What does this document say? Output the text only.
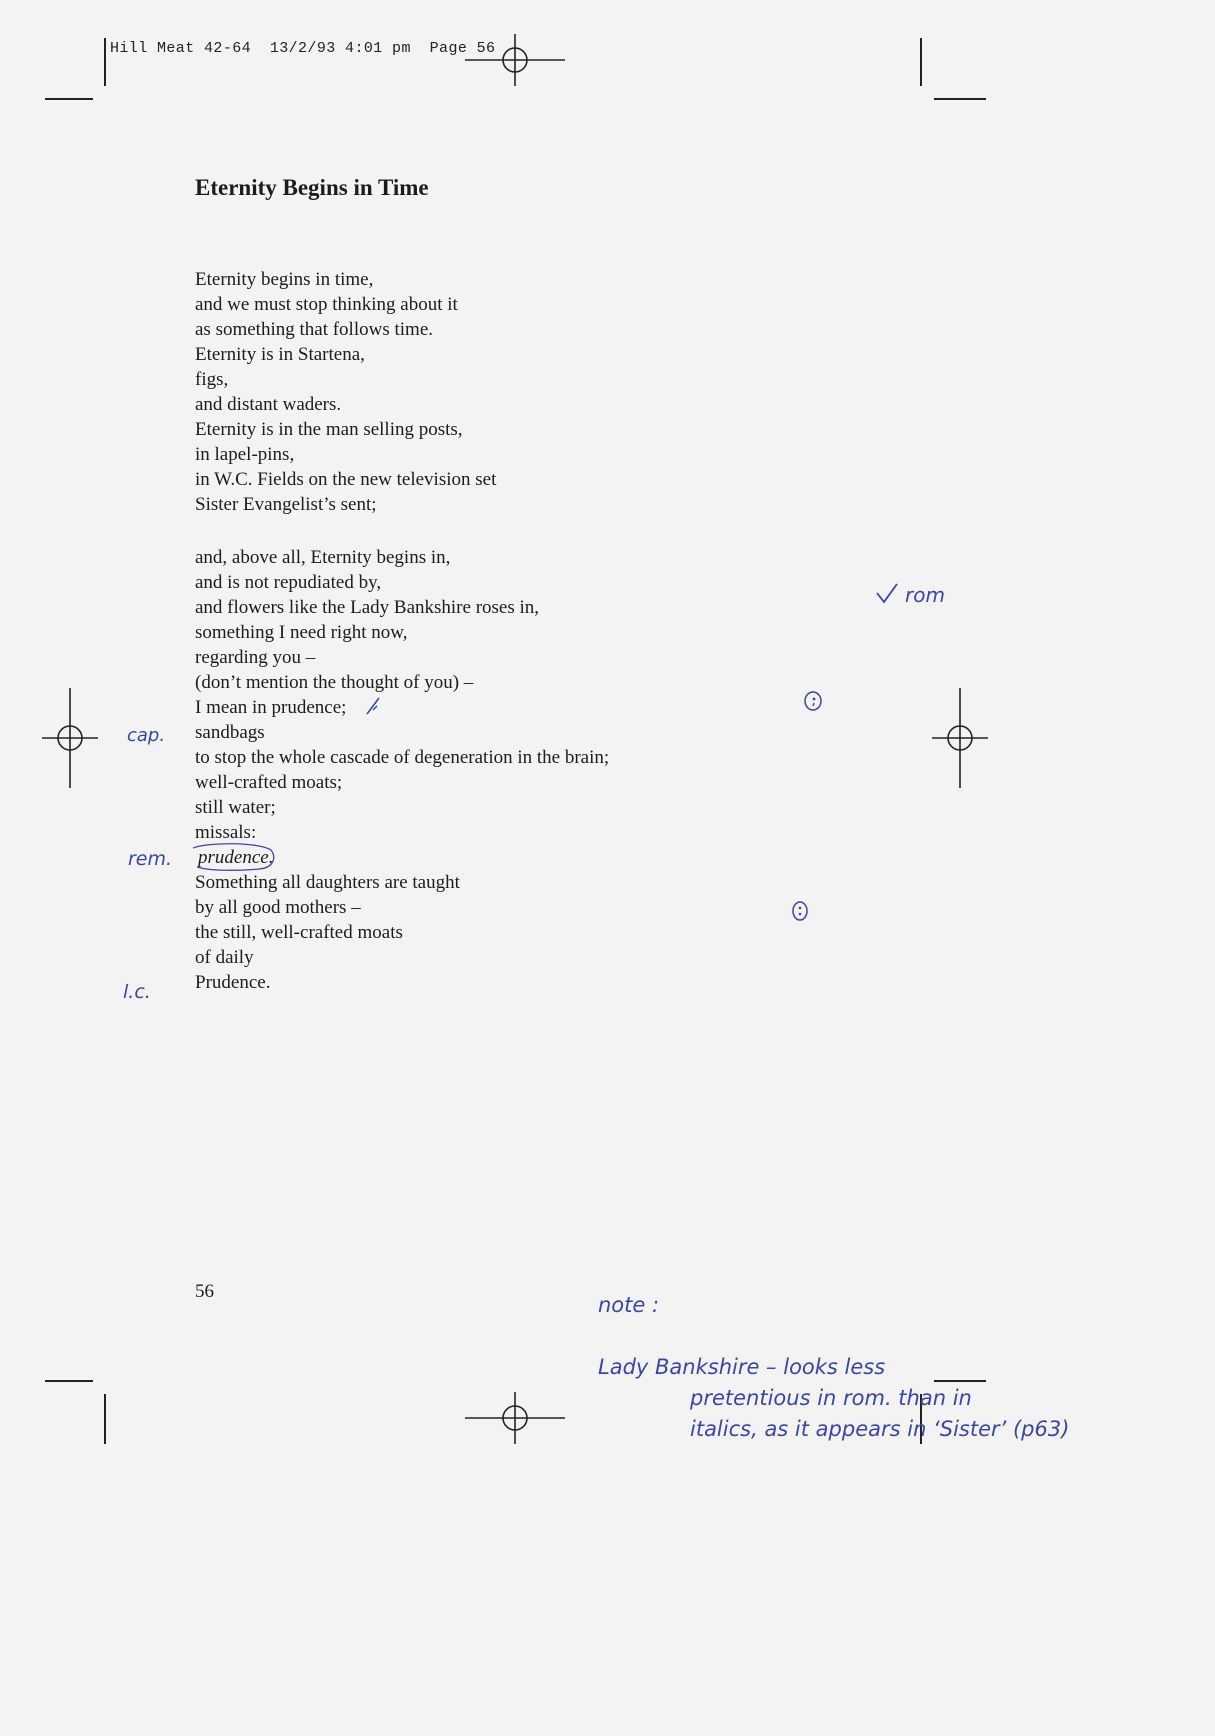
Hill Meat 42-64  13/2/93 4:01 pm  Page 56
Eternity Begins in Time
Eternity begins in time,
and we must stop thinking about it
as something that follows time.
Eternity is in Startena,
figs,
and distant waders.
Eternity is in the man selling posts,
in lapel-pins,
in W.C. Fields on the new television set
Sister Evangelist’s sent;
and, above all, Eternity begins in,
and is not repudiated by,
and flowers like the Lady Bankshire roses in,
something I need right now,
regarding you –
(don’t mention the thought of you) –
I mean in prudence;
sandbags
to stop the whole cascade of degeneration in the brain;
well-crafted moats;
still water;
missals:
prudence.
Something all daughters are taught
by all good mothers –
the still, well-crafted moats
of daily
Prudence.
56
rom
cap.
rem.
l.c.
note :

Lady Bankshire – looks less
pretentious in rom. than in
italics, as it appears in ‘Sister’ (p63)
